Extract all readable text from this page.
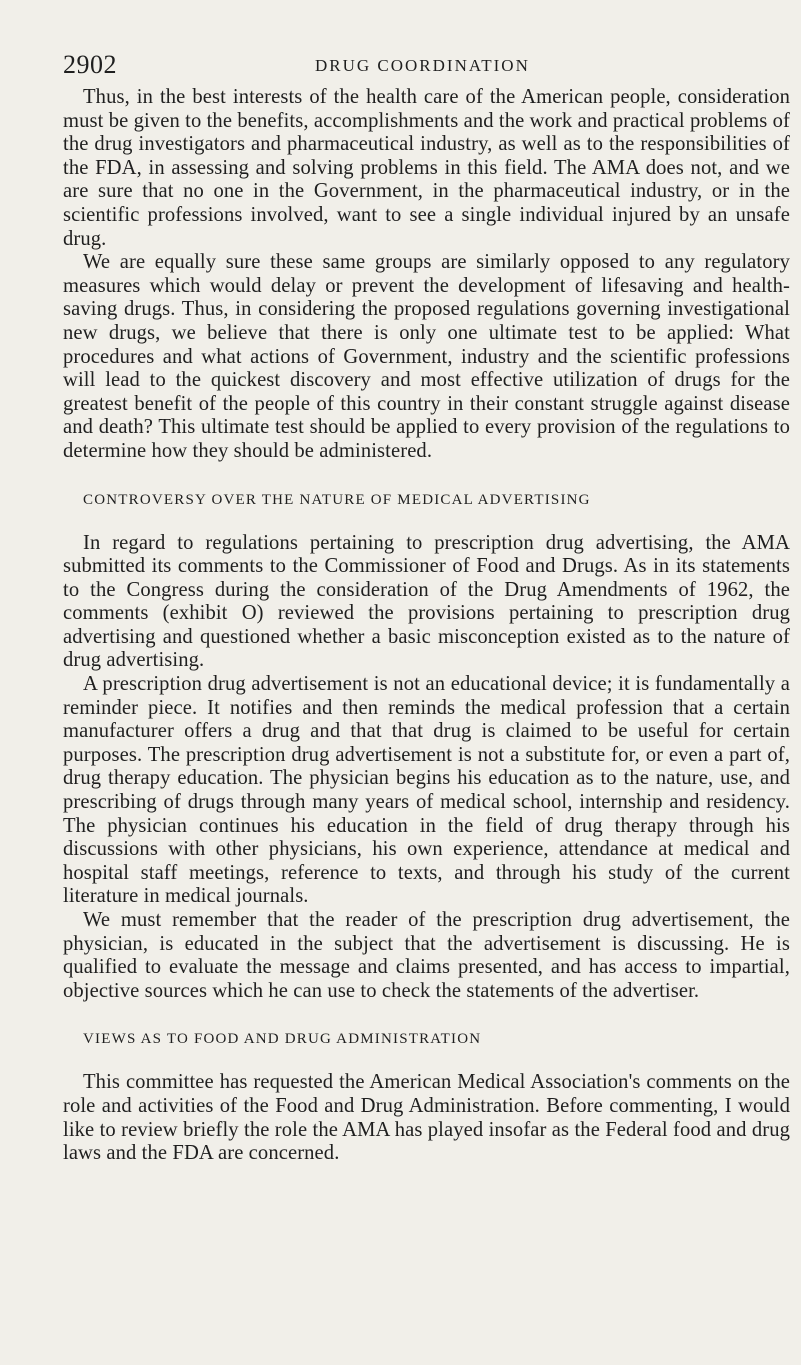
2902	DRUG COORDINATION

Thus, in the best interests of the health care of the American people, consideration must be given to the benefits, accomplishments and the work and practical problems of the drug investigators and pharmaceutical industry, as well as to the responsibilities of the FDA, in assessing and solving problems in this field. The AMA does not, and we are sure that no one in the Government, in the pharmaceutical industry, or in the scientific professions involved, want to see a single individual injured by an unsafe drug.

We are equally sure these same groups are similarly opposed to any regulatory measures which would delay or prevent the development of lifesaving and health-saving drugs. Thus, in considering the proposed regulations governing investigational new drugs, we believe that there is only one ultimate test to be applied: What procedures and what actions of Government, industry and the scientific professions will lead to the quickest discovery and most effective utilization of drugs for the greatest benefit of the people of this country in their constant struggle against disease and death? This ultimate test should be applied to every provision of the regulations to determine how they should be administered.

CONTROVERSY OVER THE NATURE OF MEDICAL ADVERTISING

In regard to regulations pertaining to prescription drug advertising, the AMA submitted its comments to the Commissioner of Food and Drugs. As in its statements to the Congress during the consideration of the Drug Amendments of 1962, the comments (exhibit O) reviewed the provisions pertaining to prescription drug advertising and questioned whether a basic misconception existed as to the nature of drug advertising.

A prescription drug advertisement is not an educational device; it is fundamentally a reminder piece. It notifies and then reminds the medical profession that a certain manufacturer offers a drug and that that drug is claimed to be useful for certain purposes. The prescription drug advertisement is not a substitute for, or even a part of, drug therapy education. The physician begins his education as to the nature, use, and prescribing of drugs through many years of medical school, internship and residency. The physician continues his education in the field of drug therapy through his discussions with other physicians, his own experience, attendance at medical and hospital staff meetings, reference to texts, and through his study of the current literature in medical journals.

We must remember that the reader of the prescription drug advertisement, the physician, is educated in the subject that the advertisement is discussing. He is qualified to evaluate the message and claims presented, and has access to impartial, objective sources which he can use to check the statements of the advertiser.

VIEWS AS TO FOOD AND DRUG ADMINISTRATION

This committee has requested the American Medical Association's comments on the role and activities of the Food and Drug Administration. Before commenting, I would like to review briefly the role the AMA has played insofar as the Federal food and drug laws and the FDA are concerned.
